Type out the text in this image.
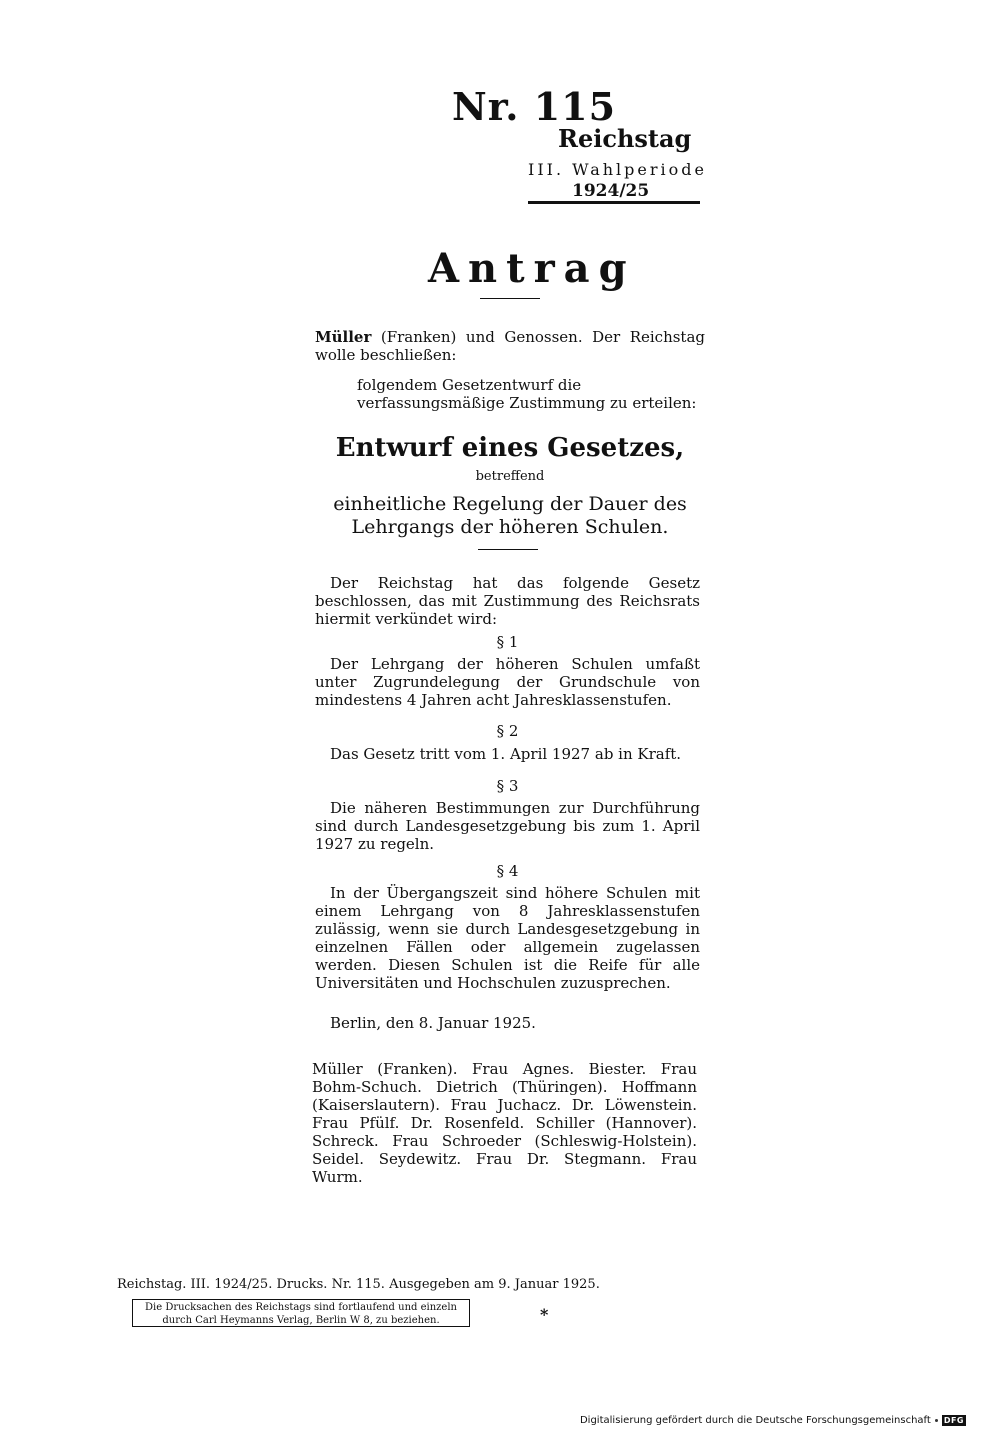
Nr. 115
Reichstag
III. Wahlperiode
1924/25
Antrag
Müller (Franken) und Genossen. Der Reichstag wolle beschließen:
folgendem Gesetzentwurf die verfassungsmäßige Zustimmung zu erteilen:
Entwurf eines Gesetzes,
betreffend
einheitliche Regelung der Dauer des Lehrgangs der höheren Schulen.
Der Reichstag hat das folgende Gesetz beschlossen, das mit Zustimmung des Reichsrats hiermit verkündet wird:
§ 1
Der Lehrgang der höheren Schulen umfaßt unter Zugrundelegung der Grundschule von mindestens 4 Jahren acht Jahresklassenstufen.
§ 2
Das Gesetz tritt vom 1. April 1927 ab in Kraft.
§ 3
Die näheren Bestimmungen zur Durchführung sind durch Landesgesetzgebung bis zum 1. April 1927 zu regeln.
§ 4
In der Übergangszeit sind höhere Schulen mit einem Lehrgang von 8 Jahresklassenstufen zulässig, wenn sie durch Landesgesetzgebung in einzelnen Fällen oder allgemein zugelassen werden. Diesen Schulen ist die Reife für alle Universitäten und Hochschulen zuzusprechen.
Berlin, den 8. Januar 1925.
Müller (Franken). Frau Agnes. Biester. Frau Bohm-Schuch. Dietrich (Thüringen). Hoffmann (Kaiserslautern). Frau Juchacz. Dr. Löwenstein. Frau Pfülf. Dr. Rosenfeld. Schiller (Hannover). Schreck. Frau Schroeder (Schleswig-Holstein). Seidel. Seydewitz. Frau Dr. Stegmann. Frau Wurm.
Reichstag. III. 1924/25. Drucks. Nr. 115. Ausgegeben am 9. Januar 1925.
Die Drucksachen des Reichstags sind fortlaufend und einzeln
durch Carl Heymanns Verlag, Berlin W 8, zu beziehen.	*
Digitalisierung gefördert durch die Deutsche Forschungsgemeinschaft DFG
